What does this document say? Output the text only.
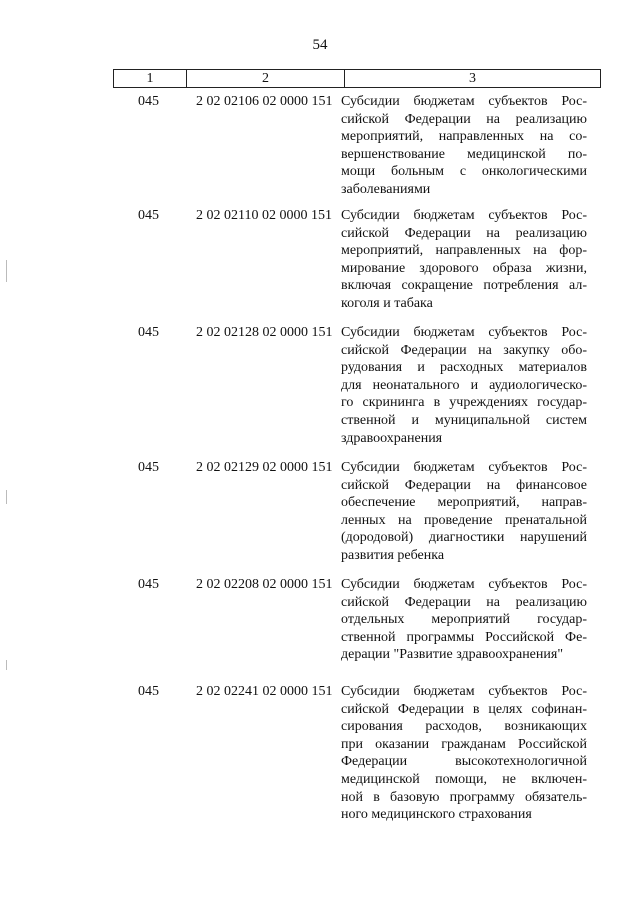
54
1	2	3
045	2 02 02106 02 0000 151 Субсидии бюджетам субъектов Рос-
сийской Федерации на реализацию
мероприятий, направленных на со-
вершенствование медицинской по-
мощи больным с онкологическими
заболеваниями
045	2 02 02110 02 0000 151 Субсидии бюджетам субъектов Рос-
сийской Федерации на реализацию
мероприятий, направленных на фор-
мирование здорового образа жизни,
включая сокращение потребления ал-
коголя и табака
045	2 02 02128 02 0000 151 Субсидии бюджетам субъектов Рос-
сийской Федерации на закупку обо-
рудования и расходных материалов
для неонатального и аудиологическо-
го скрининга в учреждениях государ-
ственной и муниципальной систем
здравоохранения
045	2 02 02129 02 0000 151 Субсидии бюджетам субъектов Рос-
сийской Федерации на финансовое
обеспечение мероприятий, направ-
ленных на проведение пренатальной
(дородовой) диагностики нарушений
развития ребенка
045	2 02 02208 02 0000 151 Субсидии бюджетам субъектов Рос-
сийской Федерации на реализацию
отдельных мероприятий государ-
ственной программы Российской Фе-
дерации "Развитие здравоохранения"
045	2 02 02241 02 0000 151 Субсидии бюджетам субъектов Рос-
сийской Федерации в целях софинан-
сирования расходов, возникающих
при оказании гражданам Российской
Федерации высокотехнологичной
медицинской помощи, не включен-
ной в базовую программу обязатель-
ного медицинского страхования
